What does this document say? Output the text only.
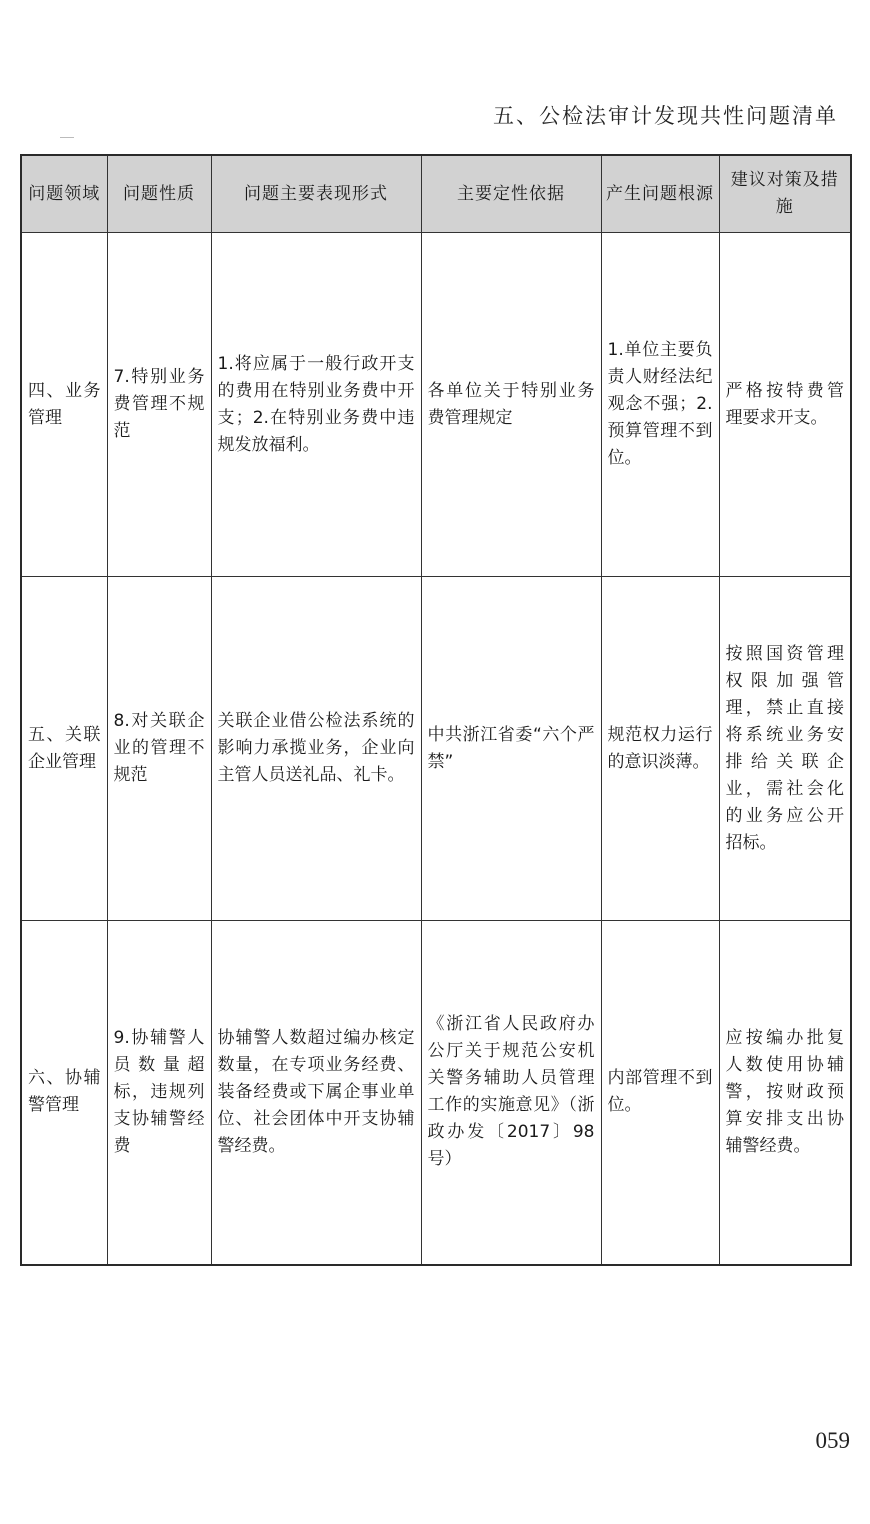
五、公检法审计发现共性问题清单
问题领域	问题性质	问题主要表现形式	主要定性依据	产生问题根源	建议对策及措施
四、业务管理	7.特别业务费管理不规范	1.将应属于一般行政开支的费用在特别业务费中开支；2.在特别业务费中违规发放福利。	各单位关于特别业务费管理规定	1.单位主要负责人财经法纪观念不强；2.预算管理不到位。	严格按特费管理要求开支。
五、关联企业管理	8.对关联企业的管理不规范	关联企业借公检法系统的影响力承揽业务，企业向主管人员送礼品、礼卡。	中共浙江省委“六个严禁”	规范权力运行的意识淡薄。	按照国资管理权限加强管理，禁止直接将系统业务安排给关联企业，需社会化的业务应公开招标。
六、协辅警管理	9.协辅警人员数量超标，违规列支协辅警经费	协辅警人数超过编办核定数量，在专项业务经费、装备经费或下属企事业单位、社会团体中开支协辅警经费。	《浙江省人民政府办公厅关于规范公安机关警务辅助人员管理工作的实施意见》（浙政办发〔2017〕98号）	内部管理不到位。	应按编办批复人数使用协辅警，按财政预算安排支出协辅警经费。
059
